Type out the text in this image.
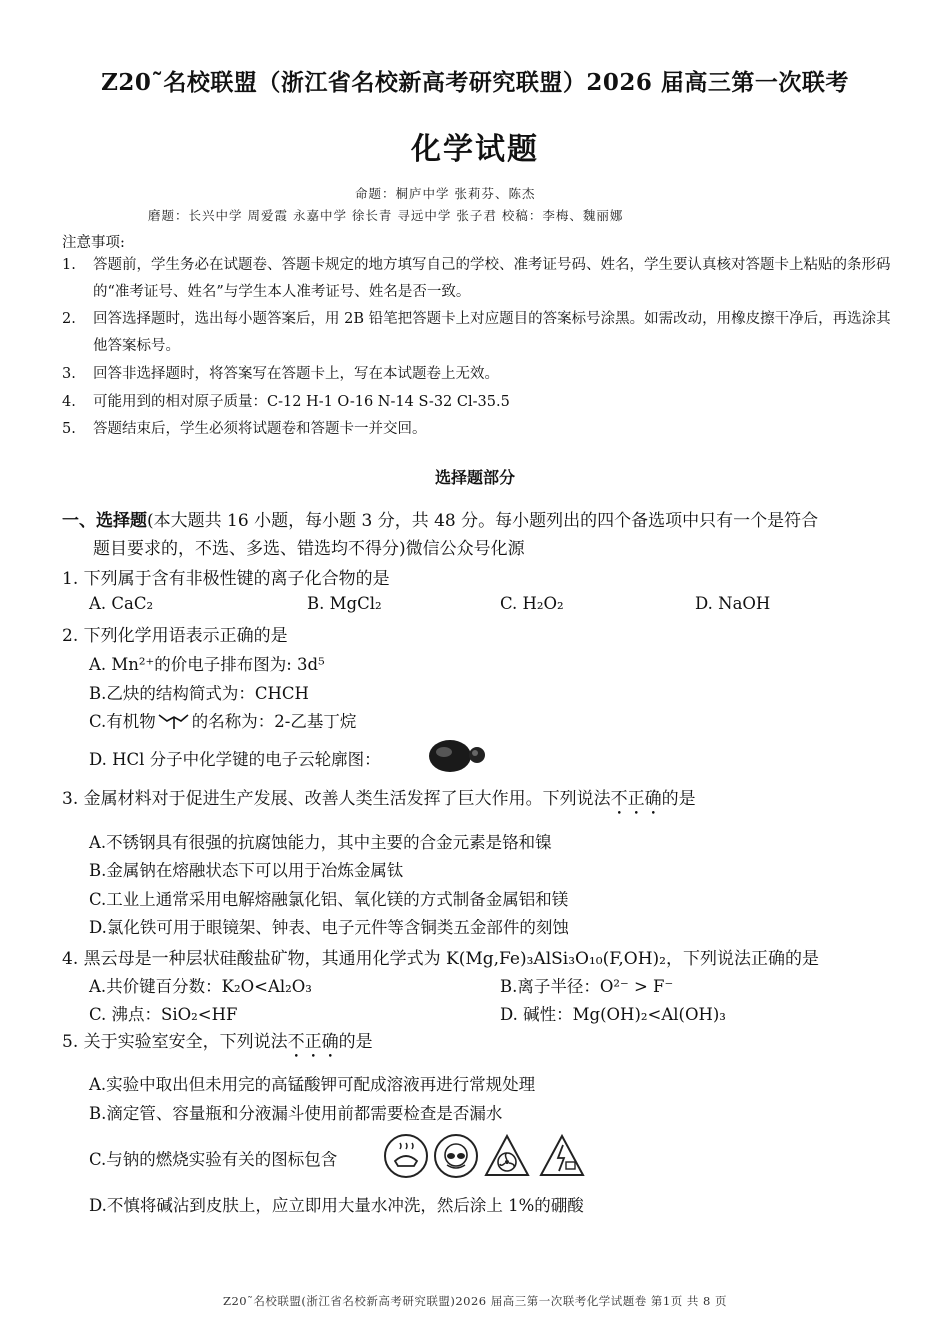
Z20˜名校联盟（浙江省名校新高考研究联盟）2026 届高三第一次联考
化学试题
命题：桐庐中学 张莉芬、陈杰
磨题：长兴中学 周爱霞 永嘉中学 徐长青 寻远中学 张子君 校稿：李梅、魏丽娜
注意事项:
1. 答题前，学生务必在试题卷、答题卡规定的地方填写自己的学校、准考证号码、姓名，学生要认真核对答题卡上粘贴的条形码的“准考证号、姓名”与学生本人准考证号、姓名是否一致。
2. 回答选择题时，选出每小题答案后，用 2B 铅笔把答题卡上对应题目的答案标号涂黑。如需改动，用橡皮擦干净后，再选涂其他答案标号。
3. 回答非选择题时，将答案写在答题卡上，写在本试题卷上无效。
4. 可能用到的相对原子质量：C-12 H-1 O-16 N-14 S-32 Cl-35.5
5. 答题结束后，学生必须将试题卷和答题卡一并交回。
选择题部分
一、选择题(本大题共 16 小题，每小题 3 分，共 48 分。每小题列出的四个备选项中只有一个是符合
题目要求的，不选、多选、错选均不得分)微信公众号化源
1. 下列属于含有非极性键的离子化合物的是
A. CaC₂	B. MgCl₂	C. H₂O₂	D. NaOH
2. 下列化学用语表示正确的是
A. Mn²⁺的价电子排布图为: 3d⁵
B.乙炔的结构简式为：CHCH
C.有机物 的名称为：2-乙基丁烷
D. HCl 分子中化学键的电子云轮廓图：
3. 金属材料对于促进生产发展、改善人类生活发挥了巨大作用。下列说法不正确的是
A.不锈钢具有很强的抗腐蚀能力，其中主要的合金元素是铬和镍
B.金属钠在熔融状态下可以用于冶炼金属钛
C.工业上通常采用电解熔融氯化铝、氧化镁的方式制备金属铝和镁
D.氯化铁可用于眼镜架、钟表、电子元件等含铜类五金部件的刻蚀
4. 黑云母是一种层状硅酸盐矿物，其通用化学式为 K(Mg,Fe)₃AlSi₃O₁₀(F,OH)₂，下列说法正确的是
A.共价键百分数：K₂O<Al₂O₃	B.离子半径：O²⁻ > F⁻
C. 沸点：SiO₂<HF	D. 碱性：Mg(OH)₂<Al(OH)₃
5. 关于实验室安全，下列说法不正确的是
A.实验中取出但未用完的高锰酸钾可配成溶液再进行常规处理
B.滴定管、容量瓶和分液漏斗使用前都需要检查是否漏水
C.与钠的燃烧实验有关的图标包含
D.不慎将碱沾到皮肤上，应立即用大量水冲洗，然后涂上 1%的硼酸
Z20˜名校联盟(浙江省名校新高考研究联盟)2026 届高三第一次联考化学试题卷 第1页 共 8 页
